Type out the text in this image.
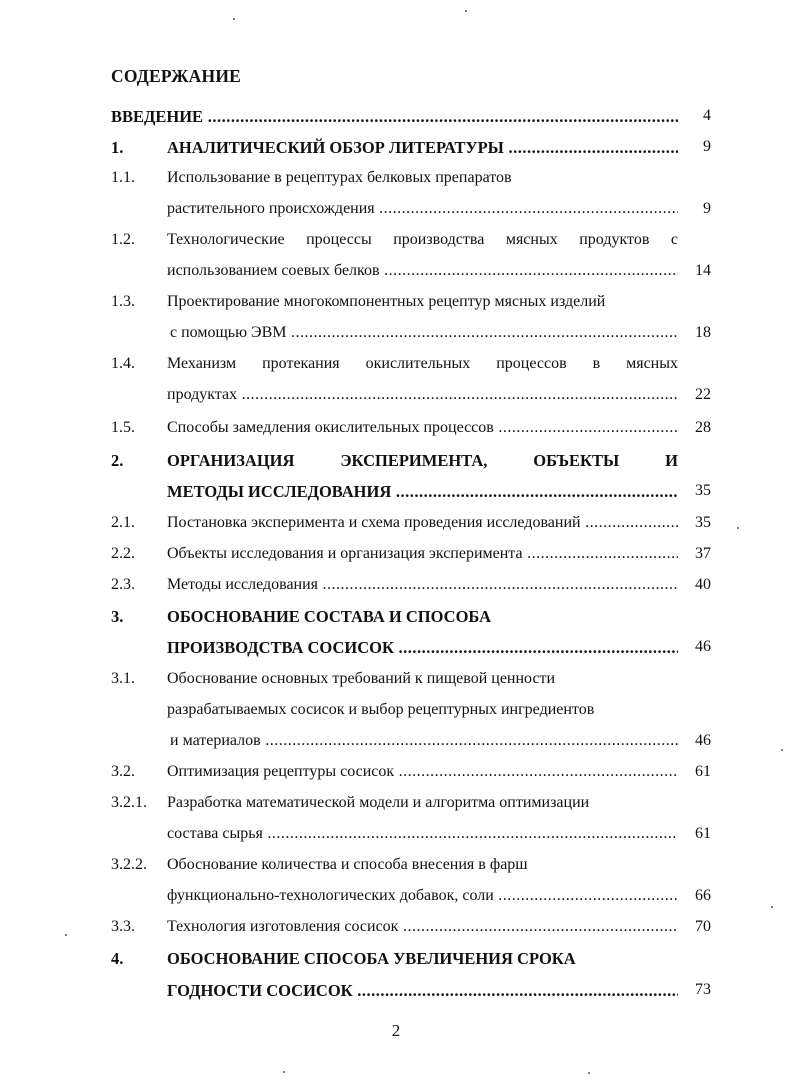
СОДЕРЖАНИЕ
ВВЕДЕНИЕ .....	4
1.	АНАЛИТИЧЕСКИЙ ОБЗОР ЛИТЕРАТУРЫ .....	9
1.1. Использование в рецептурах белковых препаратов
растительного происхождения .....	9
1.2. Технологические процессы производства мясных продуктов с
использованием соевых белков .....	14
1.3. Проектирование многокомпонентных рецептур мясных изделий
с помощью ЭВМ .....	18
1.4. Механизм протекания окислительных процессов в мясных
продуктах .....	22
1.5. Способы замедления окислительных процессов .....	28
2.	ОРГАНИЗАЦИЯ ЭКСПЕРИМЕНТА, ОБЪЕКТЫ И
МЕТОДЫ ИССЛЕДОВАНИЯ .....	35
2.1. Постановка эксперимента и схема проведения исследований .....	35
2.2. Объекты исследования и организация эксперимента .....	37
2.3. Методы исследования .....	40
3.	ОБОСНОВАНИЕ СОСТАВА И СПОСОБА
ПРОИЗВОДСТВА СОСИСОК .....	46
3.1. Обоснование основных требований к пищевой ценности
разрабатываемых сосисок и выбор рецептурных ингредиентов
и материалов .....	46
3.2. Оптимизация рецептуры сосисок .....	61
3.2.1. Разработка математической модели и алгоритма оптимизации
состава сырья .....	61
3.2.2. Обоснование количества и способа внесения в фарш
функционально-технологических добавок, соли .....	66
3.3. Технология изготовления сосисок .....	70
4.	ОБОСНОВАНИЕ СПОСОБА УВЕЛИЧЕНИЯ СРОКА
ГОДНОСТИ СОСИСОК .....	73
2
